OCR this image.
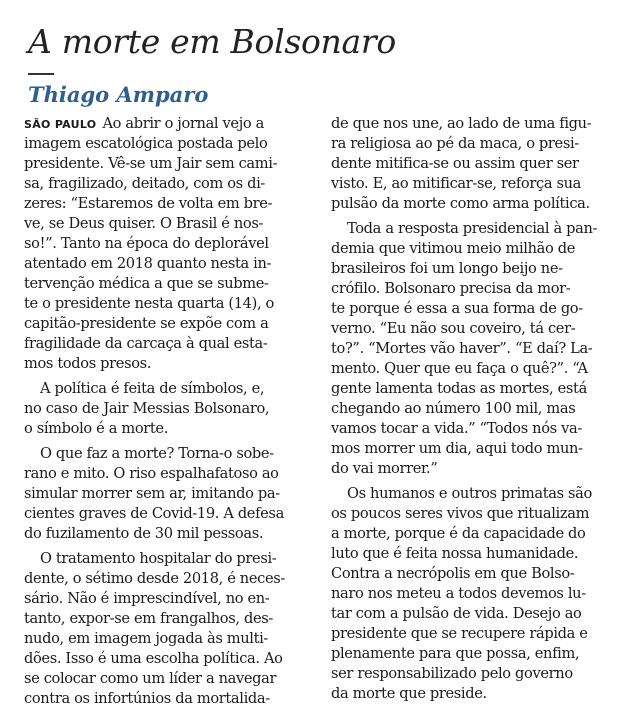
A morte em Bolsonaro
Thiago Amparo
SÃO PAULO Ao abrir o jornal vejo a
imagem escatológica postada pelo
presidente. Vê-se um Jair sem cami-
sa, fragilizado, deitado, com os di-
zeres: “Estaremos de volta em bre-
ve, se Deus quiser. O Brasil é nos-
so!”. Tanto na época do deplorável
atentado em 2018 quanto nesta in-
tervenção médica a que se subme-
te o presidente nesta quarta (14), o
capitão-presidente se expõe com a
fragilidade da carcaça à qual esta-
mos todos presos.
A política é feita de símbolos, e,
no caso de Jair Messias Bolsonaro,
o símbolo é a morte.
O que faz a morte? Torna-o sobe-
rano e mito. O riso espalhafatoso ao
simular morrer sem ar, imitando pa-
cientes graves de Covid-19. A defesa
do fuzilamento de 30 mil pessoas.
O tratamento hospitalar do presi-
dente, o sétimo desde 2018, é neces-
sário. Não é imprescindível, no en-
tanto, expor-se em frangalhos, des-
nudo, em imagem jogada às multi-
dões. Isso é uma escolha política. Ao
se colocar como um líder a navegar
contra os infortúnios da mortalida-
de que nos une, ao lado de uma figu-
ra religiosa ao pé da maca, o presi-
dente mitifica-se ou assim quer ser
visto. E, ao mitificar-se, reforça sua
pulsão da morte como arma política.
Toda a resposta presidencial à pan-
demia que vitimou meio milhão de
brasileiros foi um longo beijo ne-
crófilo. Bolsonaro precisa da mor-
te porque é essa a sua forma de go-
verno. “Eu não sou coveiro, tá cer-
to?”. “Mortes vão haver”. “E daí? La-
mento. Quer que eu faça o quê?”. “A
gente lamenta todas as mortes, está
chegando ao número 100 mil, mas
vamos tocar a vida.” “Todos nós va-
mos morrer um dia, aqui todo mun-
do vai morrer.”
Os humanos e outros primatas são
os poucos seres vivos que ritualizam
a morte, porque é da capacidade do
luto que é feita nossa humanidade.
Contra a necrópolis em que Bolso-
naro nos meteu a todos devemos lu-
tar com a pulsão de vida. Desejo ao
presidente que se recupere rápida e
plenamente para que possa, enfim,
ser responsabilizado pelo governo
da morte que preside.
